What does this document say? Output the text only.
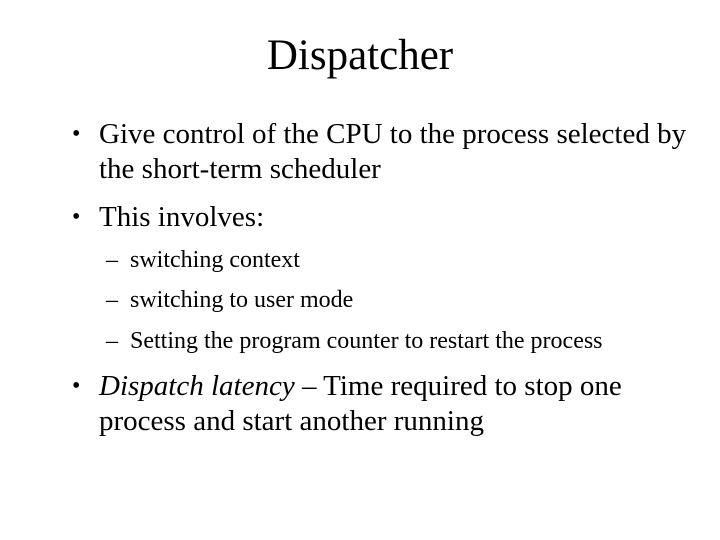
Dispatcher
• Give control of the CPU to the process selected by the short-term scheduler
• This involves:
– switching context
– switching to user mode
– Setting the program counter to restart the process
• Dispatch latency – Time required to stop one process and start another running
